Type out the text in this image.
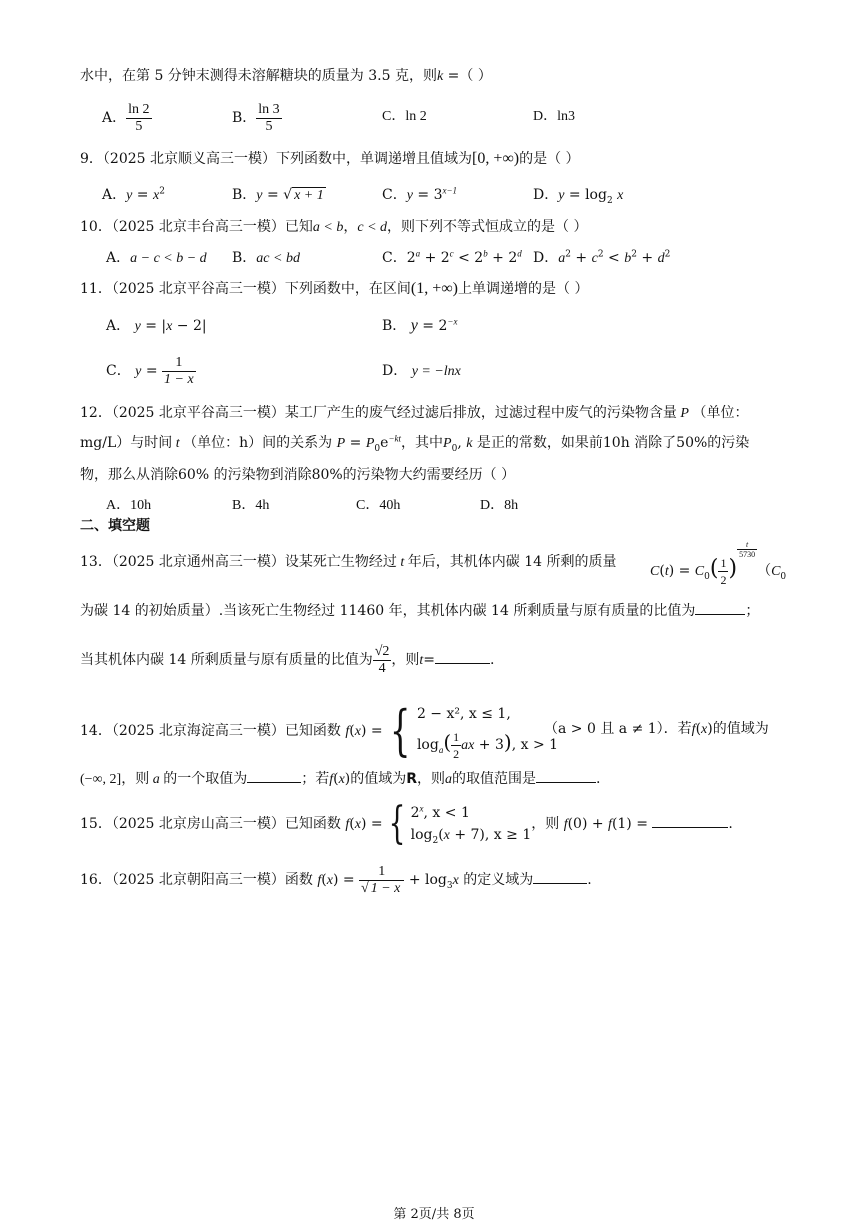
水中，在第 5 分钟末测得未溶解糖块的质量为 3.5 克，则k =（ ）
A． $\frac{\ln 2}{5}$	B． $\frac{\ln 3}{5}$	C．ln 2	D．ln3
9．（2025 北京顺义高三一模）下列函数中，单调递增且值域为[0, +∞)的是（ ）
A．$y = x^2$	B．y = √ x + 1	C．$y = 3^{x-1}$	D．$y = \log_2 x$
10．（2025 北京丰台高三一模）已知a < b，c < d，则下列不等式恒成立的是（ ）
A．a − c < b − d B．ac < bd	C．$2^a + 2^c < 2^b + 2^d$ D．$a^2 + c^2 < b^2 + d^2$
11．（2025 北京平谷高三一模）下列函数中，在区间(1, +∞)上单调递增的是（ ）
A． y = |x − 2|	B． $y = 2^{-x}$
C． $y = \frac{1}{1 - x}$	D． y = −lnx
12．（2025 北京平谷高三一模）某工厂产生的废气经过滤后排放，过滤过程中废气的污染物含量 P （单位：
mg/L）与时间 t （单位：h）间的关系为 $P = P_0e^{-kt}$，其中$P_0$, k 是正的常数，如果前10h 消除了50%的污染
物，那么从消除60% 的污染物到消除80%的污染物大约需要经历（ ）
A．10h	B．4h	C．40h	D．8h
二、填空题
13．（2025 北京通州高三一模）设某死亡生物经过 t 年后，其机体内碳 14 所剩的质量
$C(t) = C_0( \frac{1}{2}$ )
$\frac{t}{5730}$
（$C_0$
为碳 14 的初始质量）.当该死亡生物经过 11460 年，其机体内碳 14 所剩质量与原有质量的比值为	；
当其机体内碳 14 所剩质量与原有质量的比值为 $\frac{√2}{4}$ ，则t=	.
14．（2025 北京海淀高三一模）已知函数 f(x) = { 2 − x², x ≤ 1,
$\log_a( \frac{1}{2}$ ax + 3), x > 1
（a > 0 且 a ≠ 1）．若f(x)的值域为
(−∞, 2]，则 a 的一个取值为	；若f(x)的值域为R，则a的取值范围是	.
15．（2025 北京房山高三一模）已知函数 f(x) = { 2$^x$, x < 1
$\log_2(x + 7)$, x ≥ 1
，则 f(0) + f(1) =	.
16．（2025 北京朝阳高三一模）函数 $f(x) = \frac{1}{√ 1 - x} + \log_3x$ 的定义域为	.
第 2页/共 8页
